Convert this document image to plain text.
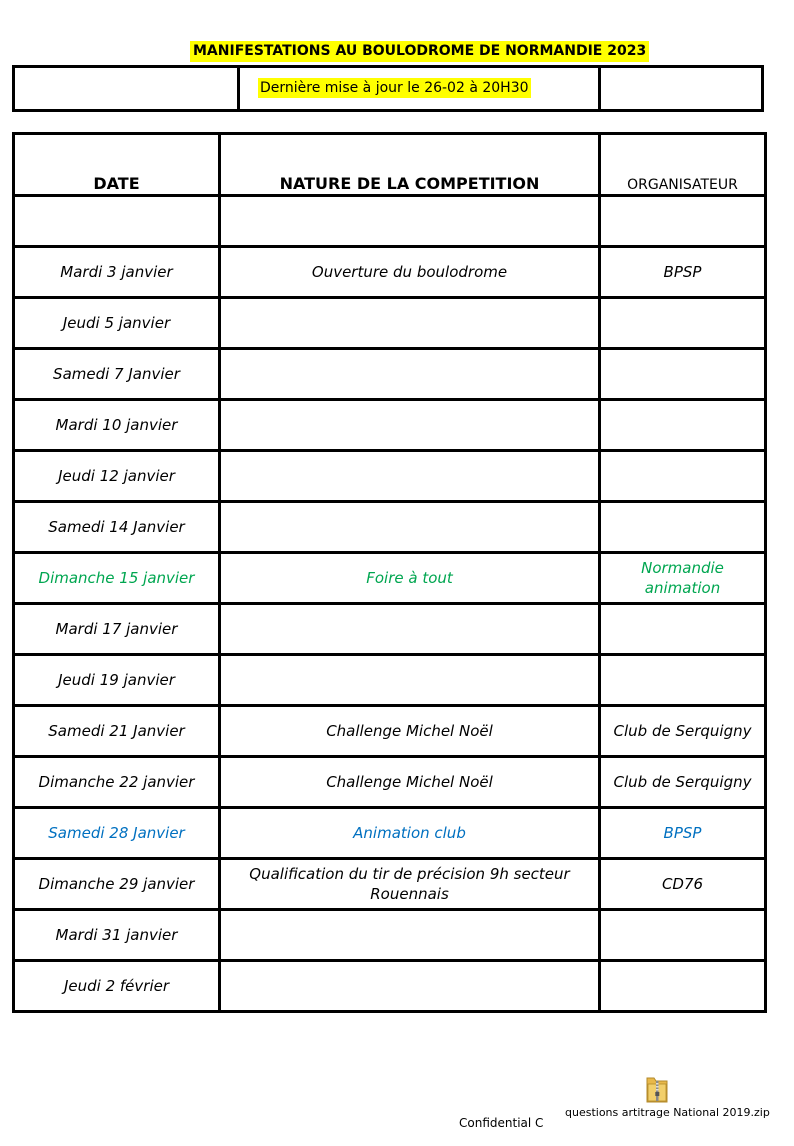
MANIFESTATIONS AU BOULODROME DE NORMANDIE 2023
Dernière mise à jour le 26-02 à 20H30
DATE	NATURE DE LA COMPETITION	ORGANISATEUR

Mardi 3 janvier	Ouverture du boulodrome	BPSP
Jeudi 5 janvier		
Samedi 7 Janvier		
Mardi 10 janvier		
Jeudi 12 janvier		
Samedi 14 Janvier		
Dimanche 15 janvier	Foire à tout	Normandie animation
Mardi 17 janvier		
Jeudi 19 janvier		
Samedi 21 Janvier	Challenge Michel Noël	Club de Serquigny
Dimanche 22 janvier	Challenge Michel Noël	Club de Serquigny
Samedi 28 Janvier	Animation club	BPSP
Dimanche 29 janvier	Qualification du tir de précision 9h secteur Rouennais	CD76
Mardi 31 janvier		
Jeudi 2 février		
questions artitrage National 2019.zip
Confidential C
